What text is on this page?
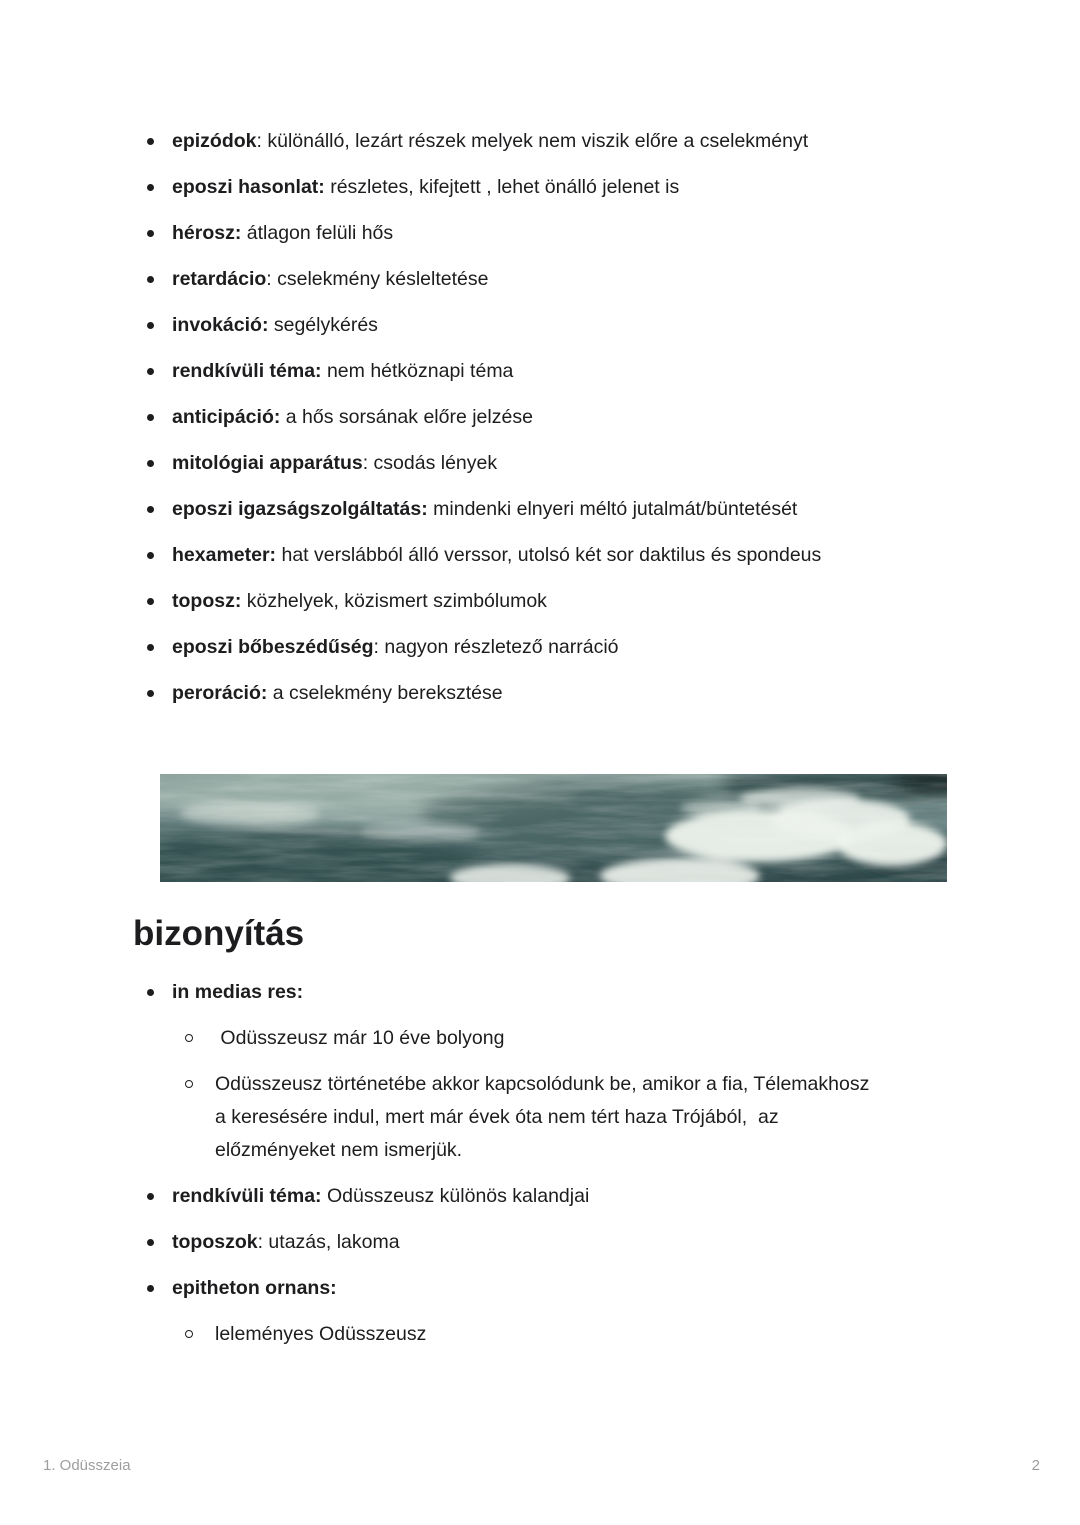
epizódok: különálló, lezárt részek melyek nem viszik előre a cselekményt
eposzi hasonlat: részletes, kifejtett , lehet önálló jelenet is
hérosz: átlagon felüli hős
retardácio: cselekmény késleltetése
invokáció: segélykérés
rendkívüli téma: nem hétköznapi téma
anticipáció: a hős sorsának előre jelzése
mitológiai apparátus: csodás lények
eposzi igazságszolgáltatás: mindenki elnyeri méltó jutalmát/büntetését
hexameter: hat verslábból álló verssor, utolsó két sor daktilus és spondeus
toposz: közhelyek, közismert szimbólumok
eposzi bőbeszédűség: nagyon részletező narráció
peroráció: a cselekmény bereksztése
bizonyítás
in medias res:
Odüsszeusz már 10 éve bolyong
Odüsszeusz történetébe akkor kapcsolódunk be, amikor a fia, Télemakhosz a keresésére indul, mert már évek óta nem tért haza Trójából,  az előzményeket nem ismerjük.
rendkívüli téma: Odüsszeusz különös kalandjai
toposzok: utazás, lakoma
epitheton ornans:
leleményes Odüsszeusz
1. Odüsszeia	2
